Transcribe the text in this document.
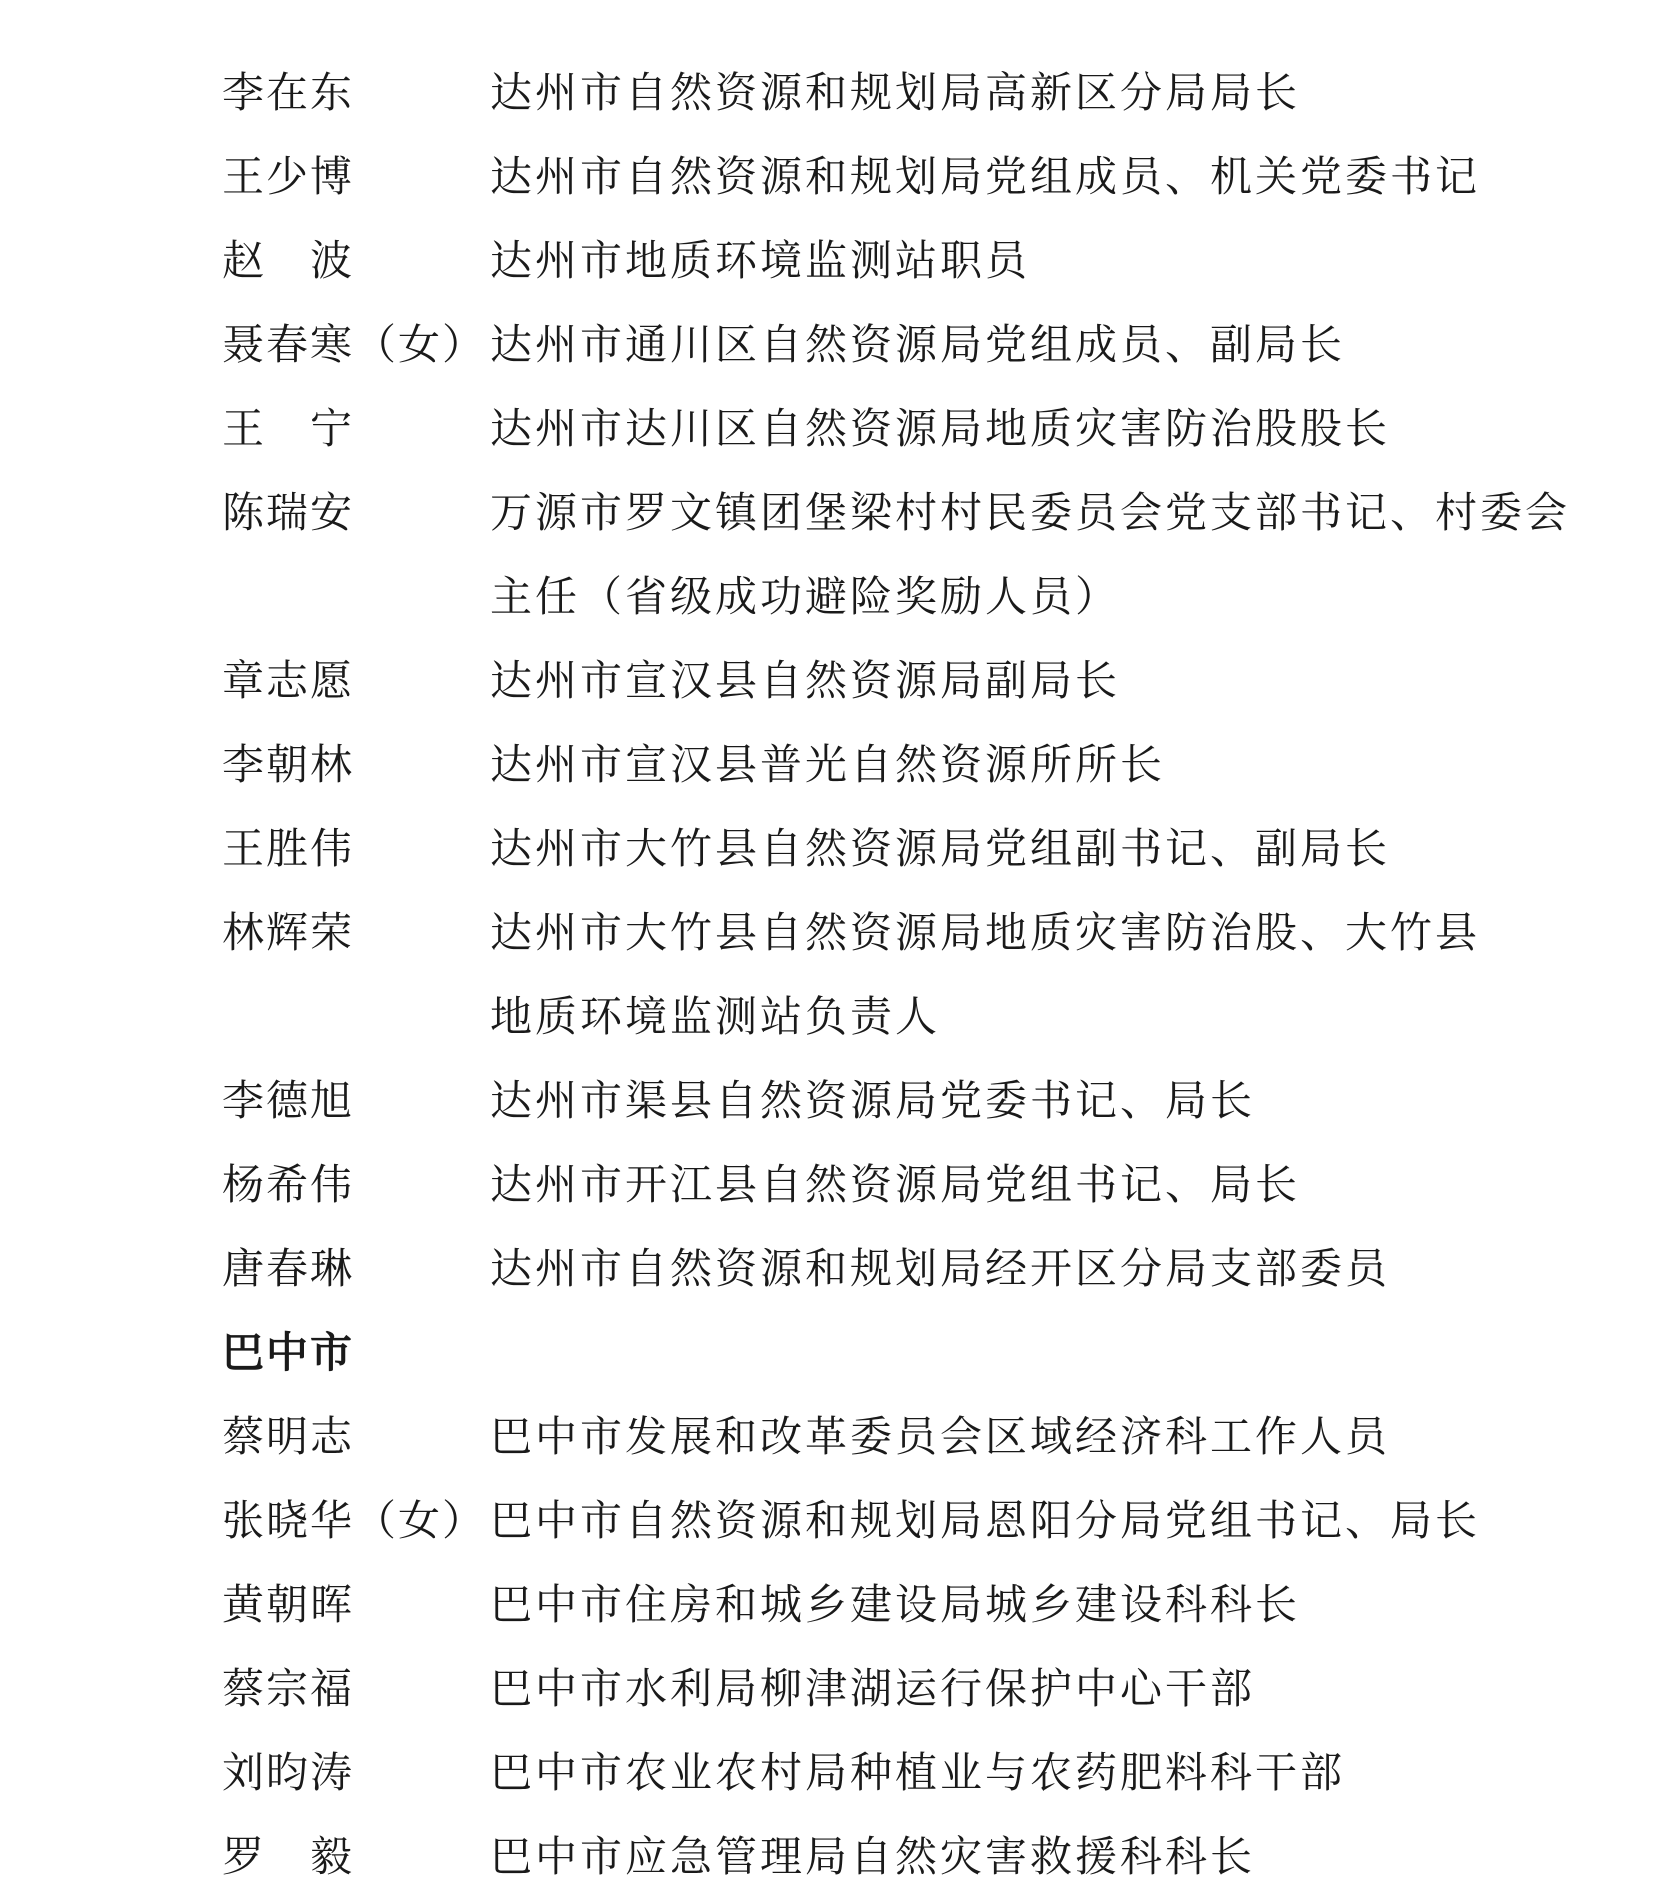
李在东	达州市自然资源和规划局高新区分局局长
王少博	达州市自然资源和规划局党组成员、机关党委书记
赵　波	达州市地质环境监测站职员
聂春寒（女） 达州市通川区自然资源局党组成员、副局长
王　宁	达州市达川区自然资源局地质灾害防治股股长
陈瑞安	万源市罗文镇团堡梁村村民委员会党支部书记、村委会
主任（省级成功避险奖励人员）
章志愿	达州市宣汉县自然资源局副局长
李朝林	达州市宣汉县普光自然资源所所长
王胜伟	达州市大竹县自然资源局党组副书记、副局长
林辉荣	达州市大竹县自然资源局地质灾害防治股、大竹县
地质环境监测站负责人
李德旭	达州市渠县自然资源局党委书记、局长
杨希伟	达州市开江县自然资源局党组书记、局长
唐春琳	达州市自然资源和规划局经开区分局支部委员
巴中市
蔡明志	巴中市发展和改革委员会区域经济科工作人员
张晓华（女） 巴中市自然资源和规划局恩阳分局党组书记、局长
黄朝晖	巴中市住房和城乡建设局城乡建设科科长
蔡宗福	巴中市水利局柳津湖运行保护中心干部
刘昀涛	巴中市农业农村局种植业与农药肥料科干部
罗　毅	巴中市应急管理局自然灾害救援科科长
